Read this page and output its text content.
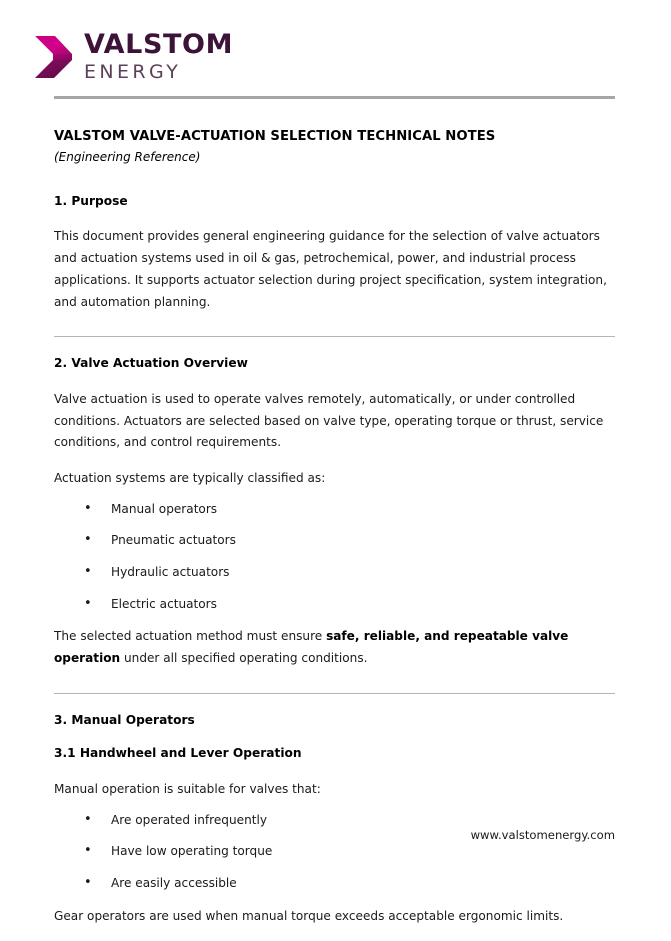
VALSTOM
ENERGY
VALSTOM VALVE-ACTUATION SELECTION TECHNICAL NOTES
(Engineering Reference)
1. Purpose

This document provides general engineering guidance for the selection of valve actuators and actuation systems used in oil & gas, petrochemical, power, and industrial process applications. It supports actuator selection during project specification, system integration, and automation planning.

2. Valve Actuation Overview

Valve actuation is used to operate valves remotely, automatically, or under controlled conditions. Actuators are selected based on valve type, operating torque or thrust, service conditions, and control requirements.

Actuation systems are typically classified as:

• Manual operators
• Pneumatic actuators
• Hydraulic actuators
• Electric actuators

The selected actuation method must ensure safe, reliable, and repeatable valve operation under all specified operating conditions.

3. Manual Operators
3.1 Handwheel and Lever Operation

Manual operation is suitable for valves that:

• Are operated infrequently
• Have low operating torque
• Are easily accessible

Gear operators are used when manual torque exceeds acceptable ergonomic limits.

www.valstomenergy.com
